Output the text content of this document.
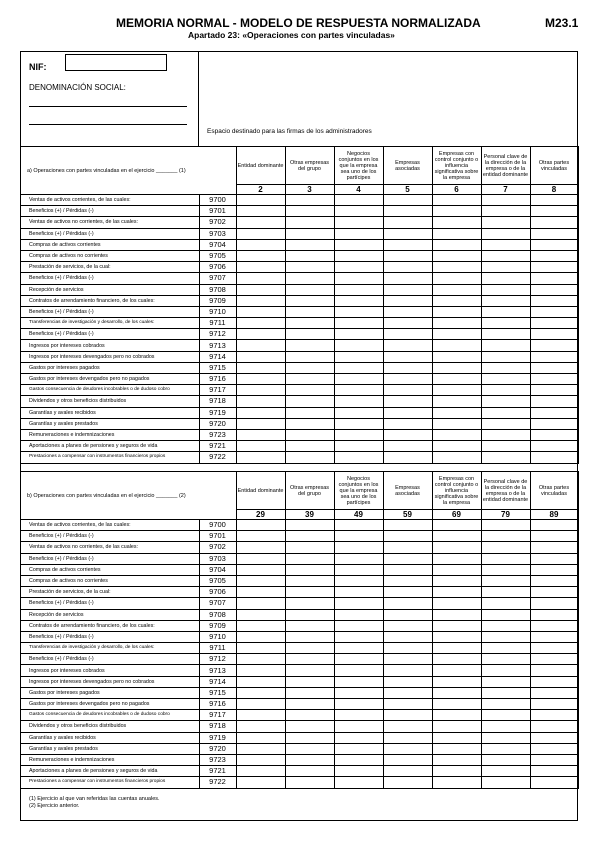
MEMORIA NORMAL - MODELO DE RESPUESTA NORMALIZADA	M23.1
Apartado 23: «Operaciones con partes vinculadas»
NIF:
DENOMINACIÓN SOCIAL:
Espacio destinado para las firmas de los administradores
a) Operaciones con partes vinculadas en el ejercicio _______ (1)		Entidad dominante	Otras empresas del grupo	Negocios conjuntos en los que la empresa sea uno de los partícipes	Empresas asociadas	Empresas con control conjunto o influencia significativa sobre la empresa	Personal clave de la dirección de la empresa o de la entidad dominante	Otras partes vinculadas
		2	3	4	5	6	7	8
Ventas de activos corrientes, de las cuales:	9700							
Beneficios (+) / Pérdidas (-)	9701							
Ventas de activos no corrientes, de las cuales:	9702							
Beneficios (+) / Pérdidas (-)	9703							
Compras de activos corrientes	9704							
Compras de activos no corrientes	9705							
Prestación de servicios, de la cual:	9706							
Beneficios (+) / Pérdidas (-)	9707							
Recepción de servicios	9708							
Contratos de arrendamiento financiero, de los cuales:	9709							
Beneficios (+) / Pérdidas (-)	9710							
Transferencias de investigación y desarrollo, de los cuales:	9711							
Beneficios (+) / Pérdidas (-)	9712							
Ingresos por intereses cobrados	9713							
Ingresos por intereses devengados pero no cobrados	9714							
Gastos por intereses pagados	9715							
Gastos por intereses devengados pero no pagados	9716							
Gastos consecuencia de deudores incobrables o de dudoso cobro	9717							
Dividendos y otros beneficios distribuidos	9718							
Garantías y avales recibidos	9719							
Garantías y avales prestados	9720							
Remuneraciones e indemnizaciones	9723							
Aportaciones a planes de pensiones y seguros de vida	9721							
Prestaciones a compensar con instrumentos financieros propios	9722							
b) Operaciones con partes vinculadas en el ejercicio _______ (2)		Entidad dominante	Otras empresas del grupo	Negocios conjuntos en los que la empresa sea uno de los partícipes	Empresas asociadas	Empresas con control conjunto o influencia significativa sobre la empresa	Personal clave de la dirección de la empresa o de la entidad dominante	Otras partes vinculadas
		29	39	49	59	69	79	89
Ventas de activos corrientes, de las cuales:	9700							
Beneficios (+) / Pérdidas (-)	9701							
Ventas de activos no corrientes, de las cuales:	9702							
Beneficios (+) / Pérdidas (-)	9703							
Compras de activos corrientes	9704							
Compras de activos no corrientes	9705							
Prestación de servicios, de la cual:	9706							
Beneficios (+) / Pérdidas (-)	9707							
Recepción de servicios	9708							
Contratos de arrendamiento financiero, de los cuales:	9709							
Beneficios (+) / Pérdidas (-)	9710							
Transferencias de investigación y desarrollo, de los cuales:	9711							
Beneficios (+) / Pérdidas (-)	9712							
Ingresos por intereses cobrados	9713							
Ingresos por intereses devengados pero no cobrados	9714							
Gastos por intereses pagados	9715							
Gastos por intereses devengados pero no pagados	9716							
Gastos consecuencia de deudores incobrables o de dudoso cobro	9717							
Dividendos y otros beneficios distribuidos	9718							
Garantías y avales recibidos	9719							
Garantías y avales prestados	9720							
Remuneraciones e indemnizaciones	9723							
Aportaciones a planes de pensiones y seguros de vida	9721							
Prestaciones a compensar con instrumentos financieros propios	9722							
(1) Ejercicio al que van referidas las cuentas anuales.
(2) Ejercicio anterior.
